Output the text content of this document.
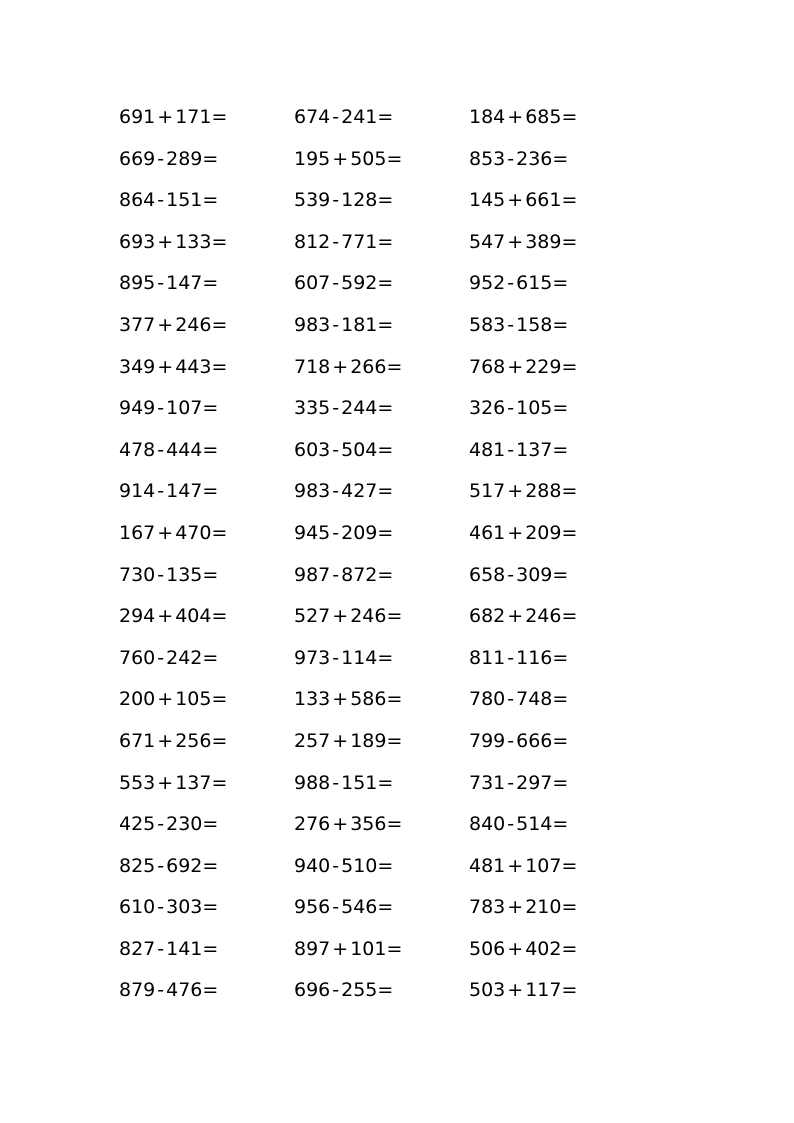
691 + 171=
669 - 289=
864 - 151=
693 + 133=
895 - 147=
377 + 246=
349 + 443=
949 - 107=
478 - 444=
914 - 147=
167 + 470=
730 - 135=
294 + 404=
760 - 242=
200 + 105=
671 + 256=
553 + 137=
425 - 230=
825 - 692=
610 - 303=
827 - 141=
879 - 476=
674 - 241=
195 + 505=
539 - 128=
812 - 771=
607 - 592=
983 - 181=
718 + 266=
335 - 244=
603 - 504=
983 - 427=
945 - 209=
987 - 872=
527 + 246=
973 - 114=
133 + 586=
257 + 189=
988 - 151=
276 + 356=
940 - 510=
956 - 546=
897 + 101=
696 - 255=
184 + 685=
853 - 236=
145 + 661=
547 + 389=
952 - 615=
583 - 158=
768 + 229=
326 - 105=
481 - 137=
517 + 288=
461 + 209=
658 - 309=
682 + 246=
811 - 116=
780 - 748=
799 - 666=
731 - 297=
840 - 514=
481 + 107=
783 + 210=
506 + 402=
503 + 117=
